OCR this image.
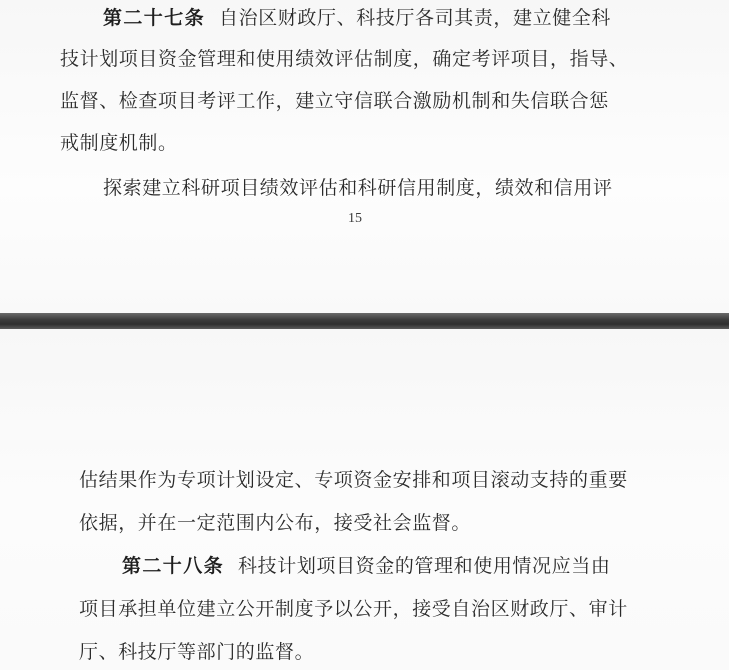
第二十七条 自治区财政厅、科技厅各司其责，建立健全科
技计划项目资金管理和使用绩效评估制度，确定考评项目，指导、
监督、检查项目考评工作，建立守信联合激励机制和失信联合惩
戒制度机制。
探索建立科研项目绩效评估和科研信用制度，绩效和信用评
15
估结果作为专项计划设定、专项资金安排和项目滚动支持的重要
依据，并在一定范围内公布，接受社会监督。
第二十八条 科技计划项目资金的管理和使用情况应当由
项目承担单位建立公开制度予以公开，接受自治区财政厅、审计
厅、科技厅等部门的监督。
